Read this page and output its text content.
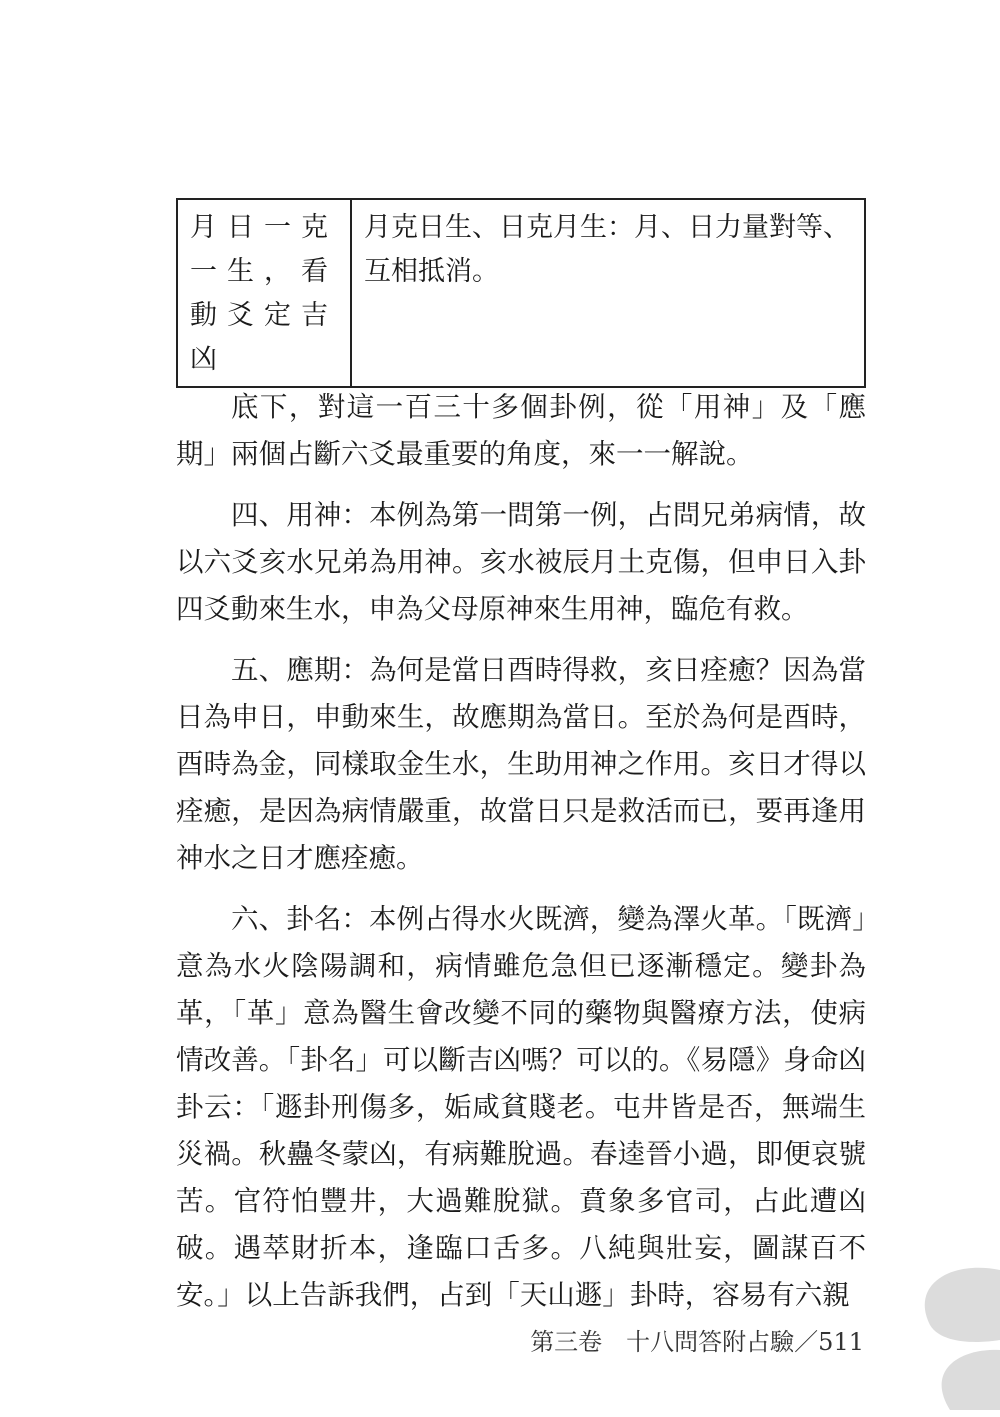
月日一克
一生，看
動爻定吉
凶
	月克日生、日克月生：月、日力量對等、互相抵消。

底下，對這一百三十多個卦例，從「用神」及「應期」兩個占斷六爻最重要的角度，來一一解說。

四、用神：本例為第一問第一例，占問兄弟病情，故以六爻亥水兄弟為用神。亥水被辰月土克傷，但申日入卦四爻動來生水，申為父母原神來生用神，臨危有救。

五、應期：為何是當日酉時得救，亥日痊癒？因為當日為申日，申動來生，故應期為當日。至於為何是酉時，酉時為金，同樣取金生水，生助用神之作用。亥日才得以痊癒，是因為病情嚴重，故當日只是救活而已，要再逢用神水之日才應痊癒。

六、卦名：本例占得水火既濟，變為澤火革。「既濟」意為水火陰陽調和，病情雖危急但已逐漸穩定。變卦為革，「革」意為醫生會改變不同的藥物與醫療方法，使病情改善。「卦名」可以斷吉凶嗎？可以的。《易隱》身命凶卦云：「遯卦刑傷多，姤咸貧賤老。屯井皆是否，無端生災禍。秋蠱冬蒙凶，有病難脫過。春逵晉小過，即便哀號苦。官符怕豐井，大過難脫獄。賁象多官司，占此遭凶破。遇萃財折本，逢臨口舌多。八純與壯妄，圖謀百不安。」以上告訴我們，占到「天山遯」卦時，容易有六親

第三卷　十八問答附占驗／511
